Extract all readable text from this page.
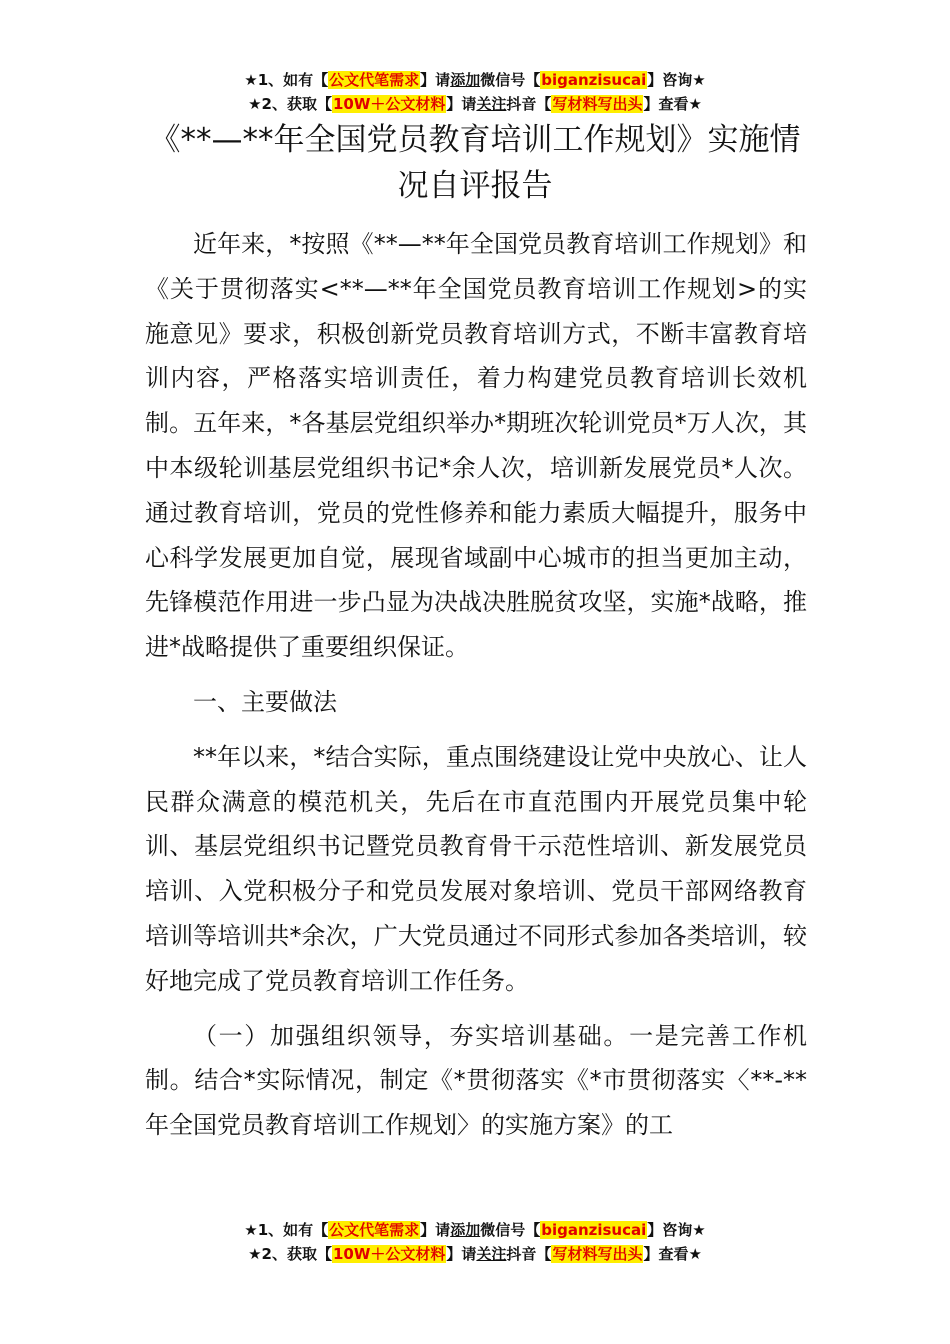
★1、如有【公文代笔需求】请添加微信号【biganzisucai】咨询★
★2、获取【10W＋公文材料】请关注抖音【写材料写出头】查看★
《**—**年全国党员教育培训工作规划》实施情况自评报告

近年来，*按照《**—**年全国党员教育培训工作规划》和《关于贯彻落实<**—**年全国党员教育培训工作规划>的实施意见》要求，积极创新党员教育培训方式，不断丰富教育培训内容，严格落实培训责任，着力构建党员教育培训长效机制。五年来，*各基层党组织举办*期班次轮训党员*万人次，其中本级轮训基层党组织书记*余人次，培训新发展党员*人次。通过教育培训，党员的党性修养和能力素质大幅提升，服务中心科学发展更加自觉，展现省域副中心城市的担当更加主动，先锋模范作用进一步凸显为决战决胜脱贫攻坚，实施*战略，推进*战略提供了重要组织保证。

一、主要做法

**年以来，*结合实际，重点围绕建设让党中央放心、让人民群众满意的模范机关，先后在市直范围内开展党员集中轮训、基层党组织书记暨党员教育骨干示范性培训、新发展党员培训、入党积极分子和党员发展对象培训、党员干部网络教育培训等培训共*余次，广大党员通过不同形式参加各类培训，较好地完成了党员教育培训工作任务。

（一）加强组织领导，夯实培训基础。一是完善工作机制。结合*实际情况，制定《*贯彻落实《*市贯彻落实〈**-**年全国党员教育培训工作规划〉的实施方案》的工

★1、如有【公文代笔需求】请添加微信号【biganzisucai】咨询★
★2、获取【10W＋公文材料】请关注抖音【写材料写出头】查看★
